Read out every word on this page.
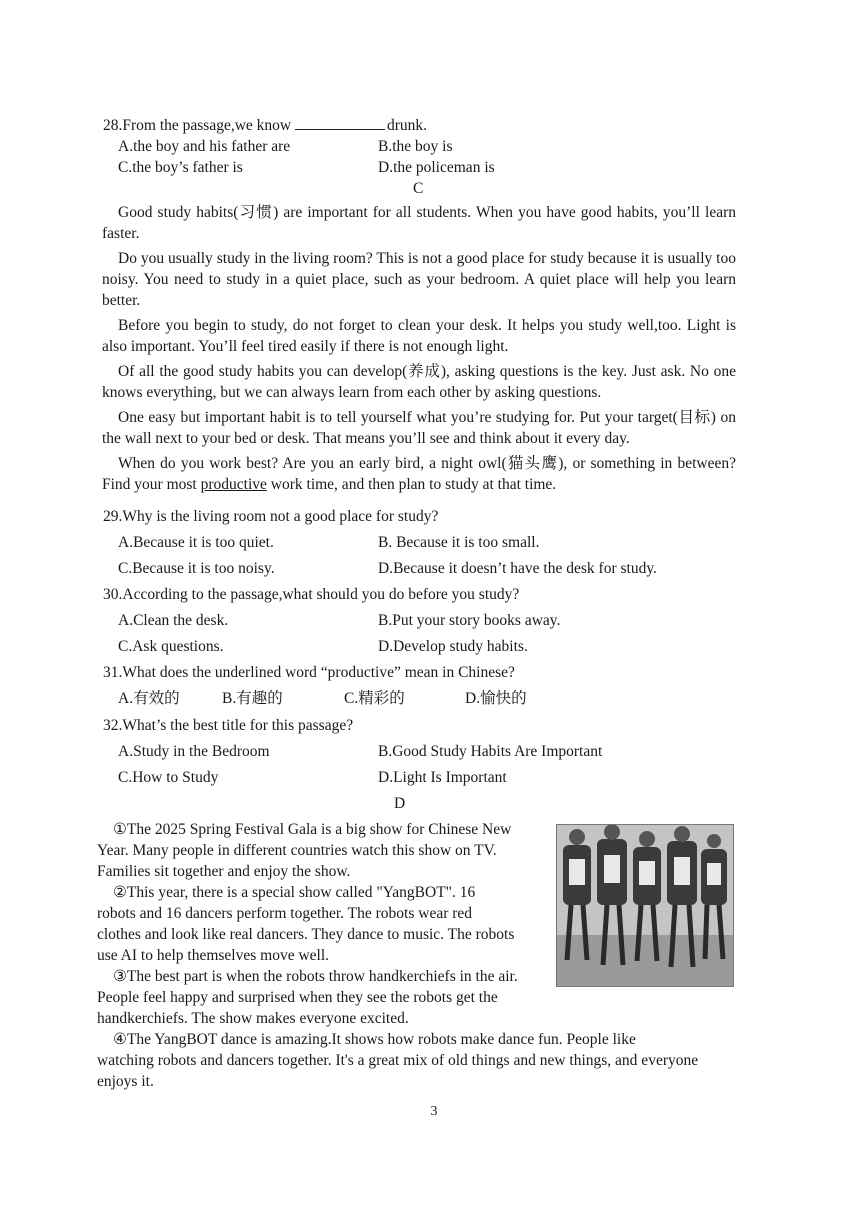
28.From the passage,we know	drunk.
A.the boy and his father are	B.the boy is
C.the boy’s father is	D.the policeman is
C

Good study habits(习惯) are important for all students. When you have good habits, you’ll learn faster.

Do you usually study in the living room? This is not a good place for study because it is usually too noisy. You need to study in a quiet place, such as your bedroom. A quiet place will help you learn better.

Before you begin to study, do not forget to clean your desk. It helps you study well,too. Light is also important. You’ll feel tired easily if there is not enough light.

Of all the good study habits you can develop(养成), asking questions is the key. Just ask. No one knows everything, but we can always learn from each other by asking questions.

One easy but important habit is to tell yourself what you’re studying for. Put your target(目标) on the wall next to your bed or desk. That means you’ll see and think about it every day.

When do you work best? Are you an early bird, a night owl(猫头鹰), or something in between? Find your most productive work time, and then plan to study at that time.

29.Why is the living room not a good place for study?
A.Because it is too quiet.	B. Because it is too small.
C.Because it is too noisy.	D.Because it doesn’t have the desk for study.
30.According to the passage,what should you do before you study?
A.Clean the desk.	B.Put your story books away.
C.Ask questions.	D.Develop study habits.
31.What does the underlined word “productive” mean in Chinese?
A.有效的	B.有趣的	C.精彩的	D.愉快的
32.What’s the best title for this passage?
A.Study in the Bedroom	B.Good Study Habits Are Important
C.How to Study	D.Light Is Important
D
①The 2025 Spring Festival Gala is a big show for Chinese New
Year. Many people in different countries watch this show on TV.
Families sit together and enjoy the show.
②This year, there is a special show called "YangBOT". 16
robots and 16 dancers perform together. The robots wear red
clothes and look like real dancers. They dance to music. The robots
use AI to help themselves move well.
③The best part is when the robots throw handkerchiefs in the air.
People feel happy and surprised when they see the robots get the
handkerchiefs. The show makes everyone excited.
④The YangBOT dance is amazing.It shows how robots make dance fun. People like
watching robots and dancers together. It's a great mix of old things and new things, and everyone
enjoys it.
3
